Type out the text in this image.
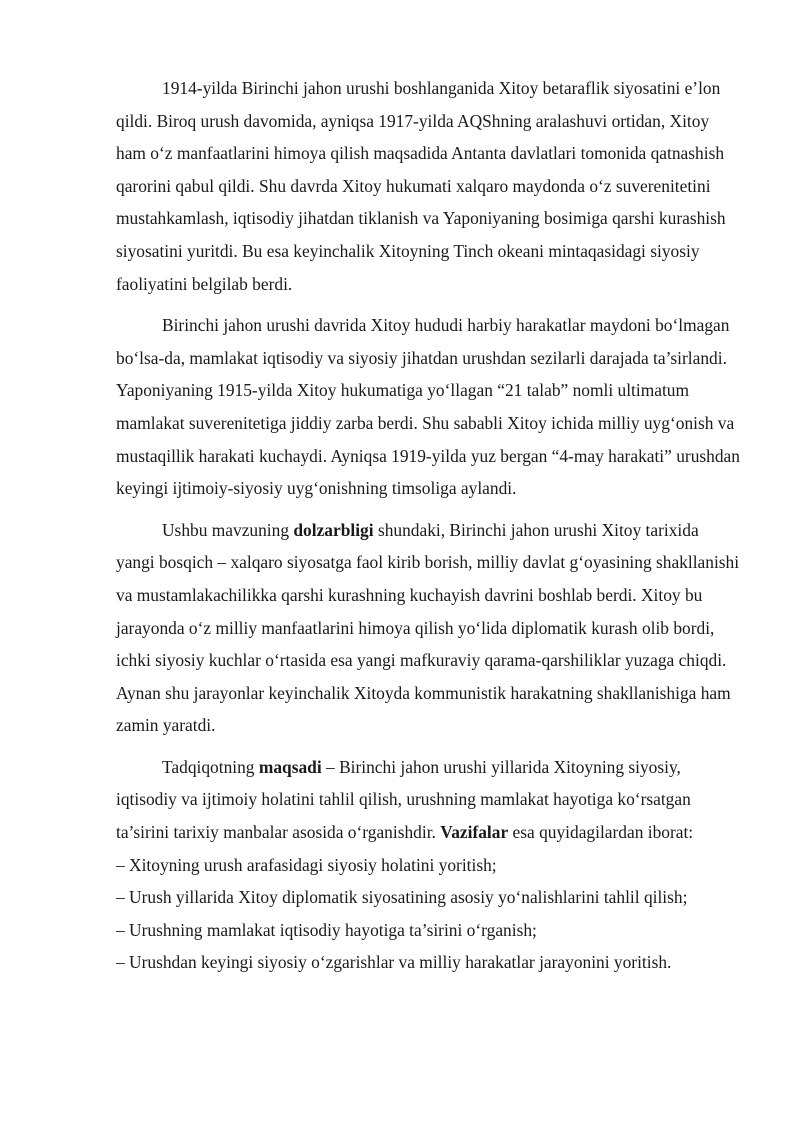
1914-yilda Birinchi jahon urushi boshlanganida Xitoy betaraflik siyosatini e’lon qildi. Biroq urush davomida, ayniqsa 1917-yilda AQShning aralashuvi ortidan, Xitoy ham o‘z manfaatlarini himoya qilish maqsadida Antanta davlatlari tomonida qatnashish qarorini qabul qildi. Shu davrda Xitoy hukumati xalqaro maydonda o‘z suverenitetini mustahkamlash, iqtisodiy jihatdan tiklanish va Yaponiyaning bosimiga qarshi kurashish siyosatini yuritdi. Bu esa keyinchalik Xitoyning Tinch okeani mintaqasidagi siyosiy faoliyatini belgilab berdi.

Birinchi jahon urushi davrida Xitoy hududi harbiy harakatlar maydoni bo‘lmagan bo‘lsa-da, mamlakat iqtisodiy va siyosiy jihatdan urushdan sezilarli darajada ta’sirlandi. Yaponiyaning 1915-yilda Xitoy hukumatiga yo‘llagan “21 talab” nomli ultimatum mamlakat suverenitetiga jiddiy zarba berdi. Shu sababli Xitoy ichida milliy uyg‘onish va mustaqillik harakati kuchaydi. Ayniqsa 1919-yilda yuz bergan “4-may harakati” urushdan keyingi ijtimoiy-siyosiy uyg‘onishning timsoliga aylandi.

Ushbu mavzuning dolzarbligi shundaki, Birinchi jahon urushi Xitoy tarixida yangi bosqich – xalqaro siyosatga faol kirib borish, milliy davlat g‘oyasining shakllanishi va mustamlakachilikka qarshi kurashning kuchayish davrini boshlab berdi. Xitoy bu jarayonda o‘z milliy manfaatlarini himoya qilish yo‘lida diplomatik kurash olib bordi, ichki siyosiy kuchlar o‘rtasida esa yangi mafkuraviy qarama-qarshiliklar yuzaga chiqdi. Aynan shu jarayonlar keyinchalik Xitoyda kommunistik harakatning shakllanishiga ham zamin yaratdi.

Tadqiqotning maqsadi – Birinchi jahon urushi yillarida Xitoyning siyosiy, iqtisodiy va ijtimoiy holatini tahlil qilish, urushning mamlakat hayotiga ko‘rsatgan ta’sirini tarixiy manbalar asosida o‘rganishdir. Vazifalar esa quyidagilardan iborat:

– Xitoyning urush arafasidagi siyosiy holatini yoritish;

– Urush yillarida Xitoy diplomatik siyosatining asosiy yo‘nalishlarini tahlil qilish;

– Urushning mamlakat iqtisodiy hayotiga ta’sirini o‘rganish;

– Urushdan keyingi siyosiy o‘zgarishlar va milliy harakatlar jarayonini yoritish.
